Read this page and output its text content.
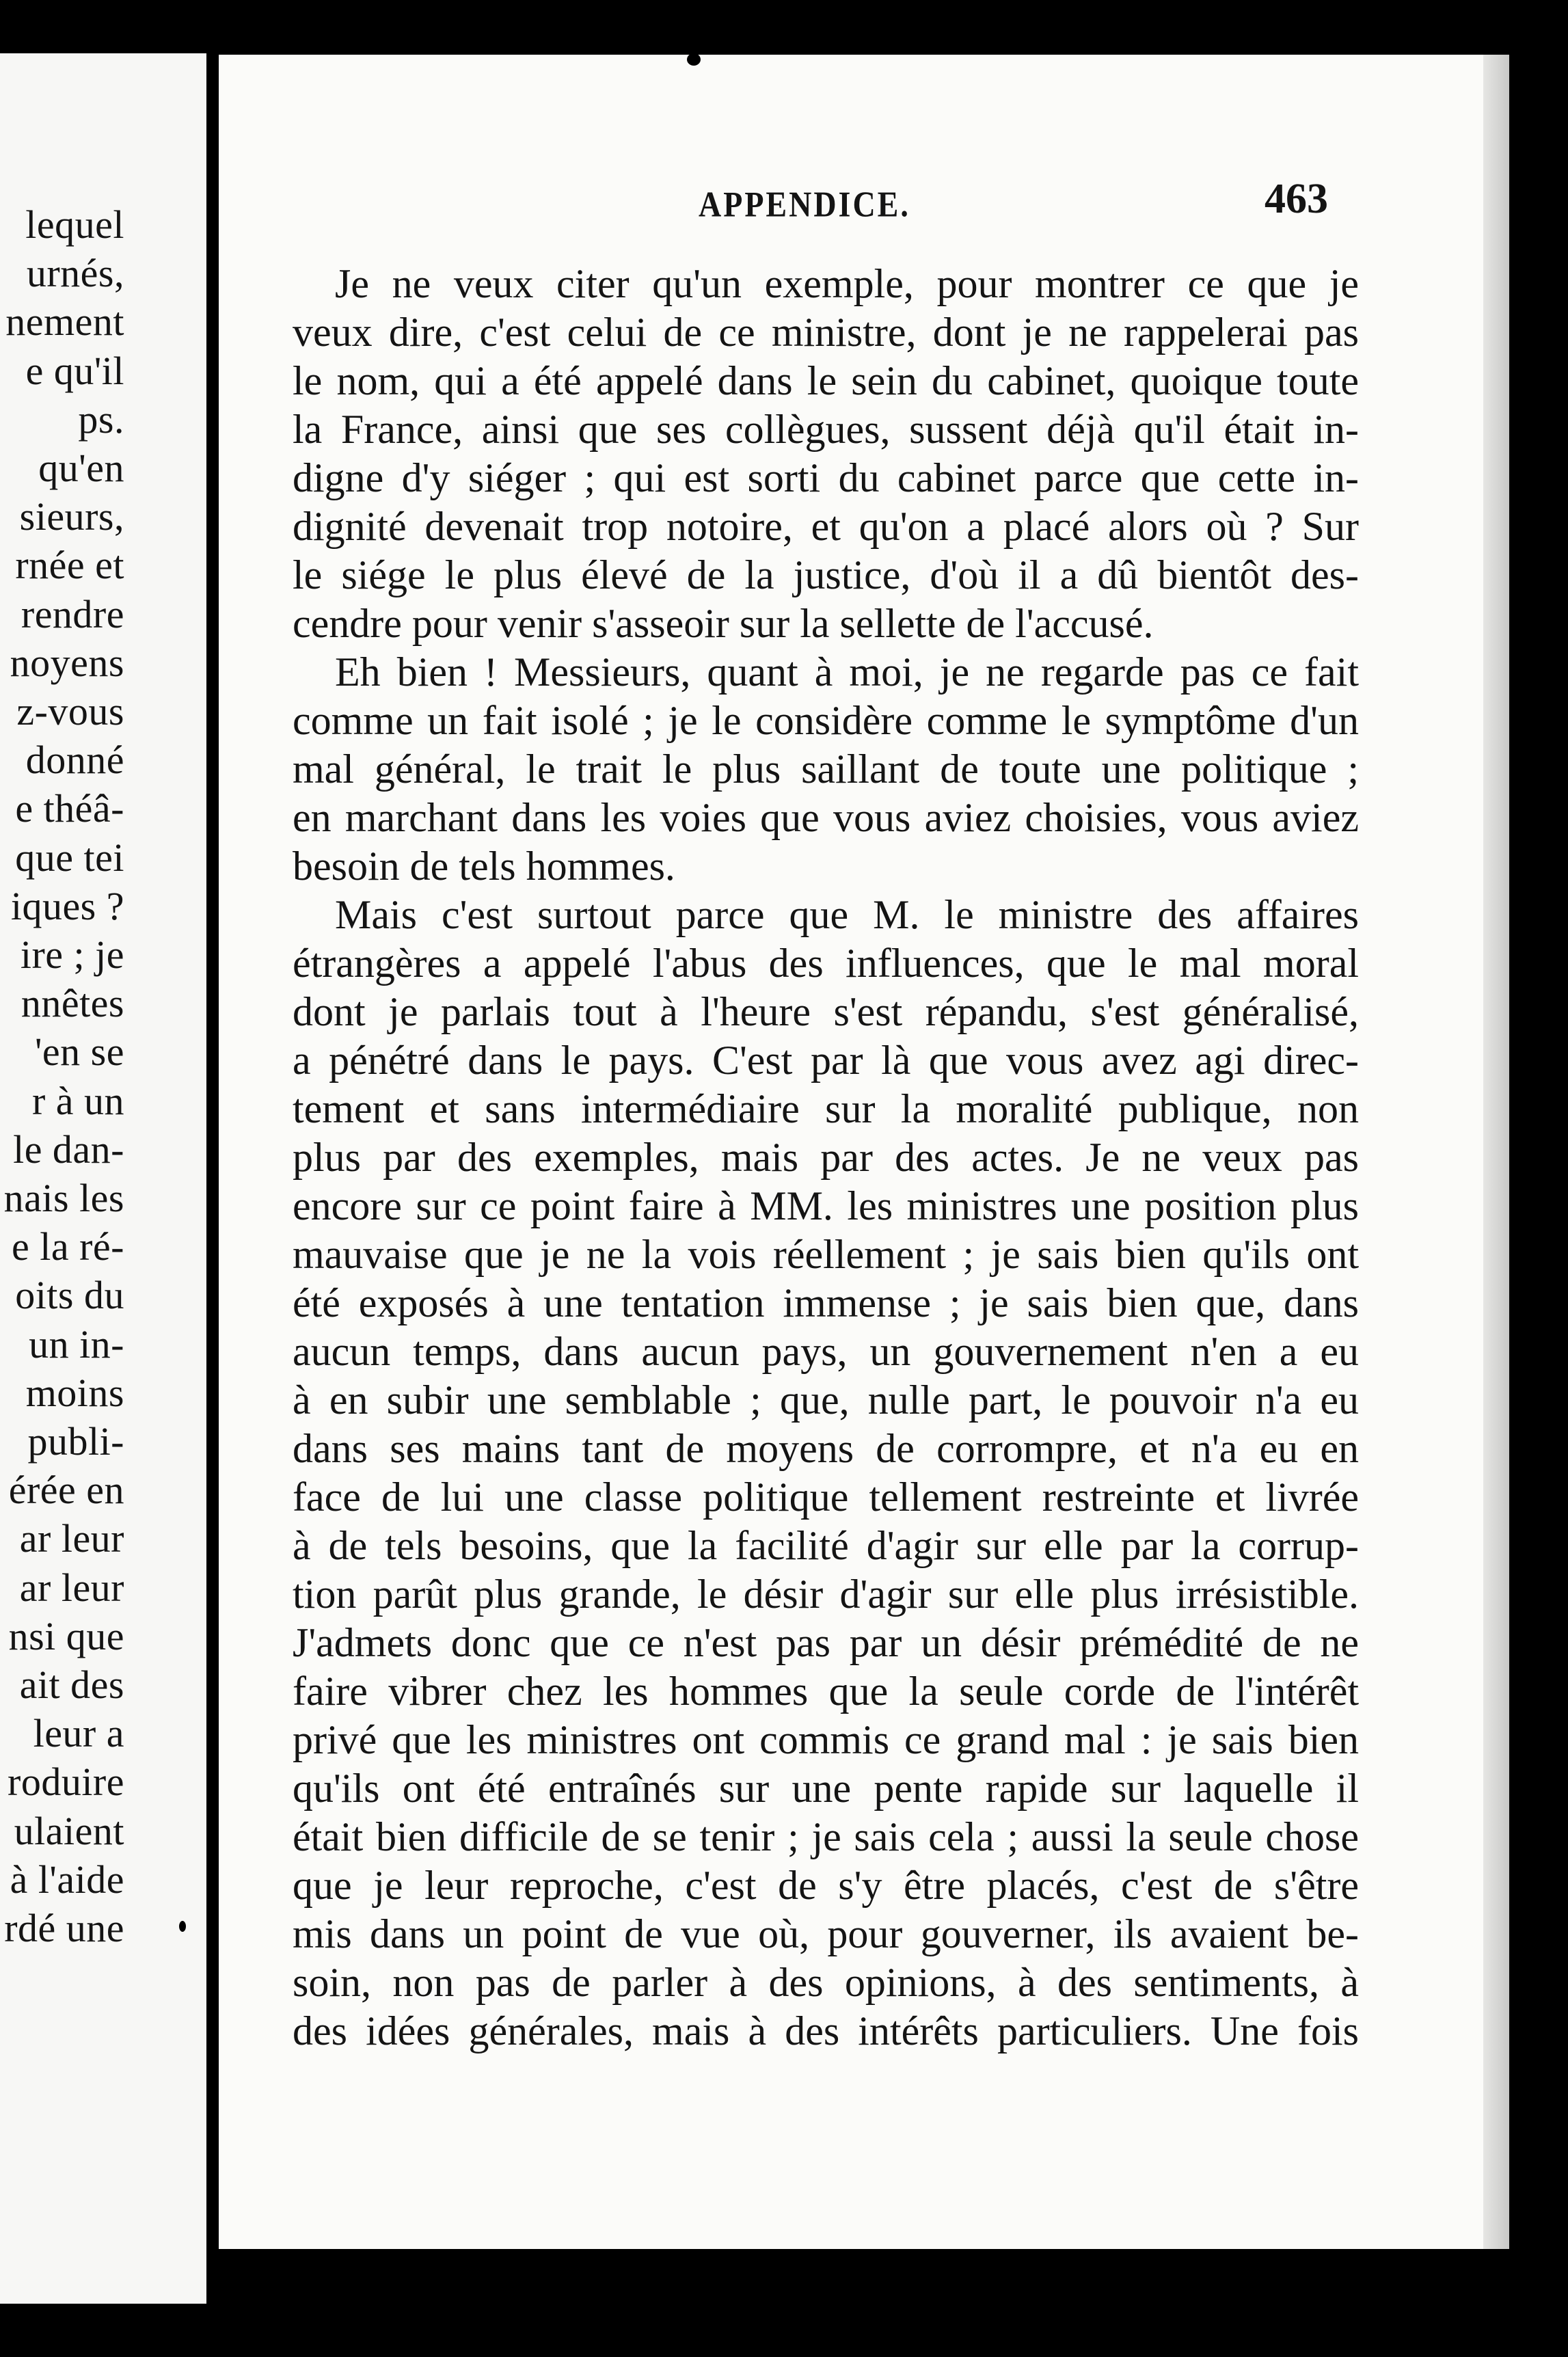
lequel
urnés,
nement
e qu'il
ps.
qu'en
sieurs,
rnée et
rendre
noyens
z-vous
donné
e théâ-
que tei
iques ?
ire ; je
nnêtes
'en se
r à un
le dan-
nais les
e la ré-
oits du
un in-
moins
publi-
érée en
ar leur
ar leur
nsi que
ait des
leur a
roduire
ulaient
à l'aide
rdé une
APPENDICE.	463
Je ne veux citer qu'un exemple, pour montrer ce que je
veux dire, c'est celui de ce ministre, dont je ne rappelerai pas
le nom, qui a été appelé dans le sein du cabinet, quoique toute
la France, ainsi que ses collègues, sussent déjà qu'il était in-
digne d'y siéger ; qui est sorti du cabinet parce que cette in-
dignité devenait trop notoire, et qu'on a placé alors où ? Sur
le siége le plus élevé de la justice, d'où il a dû bientôt des-
cendre pour venir s'asseoir sur la sellette de l'accusé.
Eh bien ! Messieurs, quant à moi, je ne regarde pas ce fait
comme un fait isolé ; je le considère comme le symptôme d'un
mal général, le trait le plus saillant de toute une politique ;
en marchant dans les voies que vous aviez choisies, vous aviez
besoin de tels hommes.
Mais c'est surtout parce que M. le ministre des affaires
étrangères a appelé l'abus des influences, que le mal moral
dont je parlais tout à l'heure s'est répandu, s'est généralisé,
a pénétré dans le pays. C'est par là que vous avez agi direc-
tement et sans intermédiaire sur la moralité publique, non
plus par des exemples, mais par des actes. Je ne veux pas
encore sur ce point faire à MM. les ministres une position plus
mauvaise que je ne la vois réellement ; je sais bien qu'ils ont
été exposés à une tentation immense ; je sais bien que, dans
aucun temps, dans aucun pays, un gouvernement n'en a eu
à en subir une semblable ; que, nulle part, le pouvoir n'a eu
dans ses mains tant de moyens de corrompre, et n'a eu en
face de lui une classe politique tellement restreinte et livrée
à de tels besoins, que la facilité d'agir sur elle par la corrup-
tion parût plus grande, le désir d'agir sur elle plus irrésistible.
J'admets donc que ce n'est pas par un désir prémédité de ne
faire vibrer chez les hommes que la seule corde de l'intérêt
privé que les ministres ont commis ce grand mal : je sais bien
qu'ils ont été entraînés sur une pente rapide sur laquelle il
était bien difficile de se tenir ; je sais cela ; aussi la seule chose
que je leur reproche, c'est de s'y être placés, c'est de s'être
mis dans un point de vue où, pour gouverner, ils avaient be-
soin, non pas de parler à des opinions, à des sentiments, à
des idées générales, mais à des intérêts particuliers. Une fois
